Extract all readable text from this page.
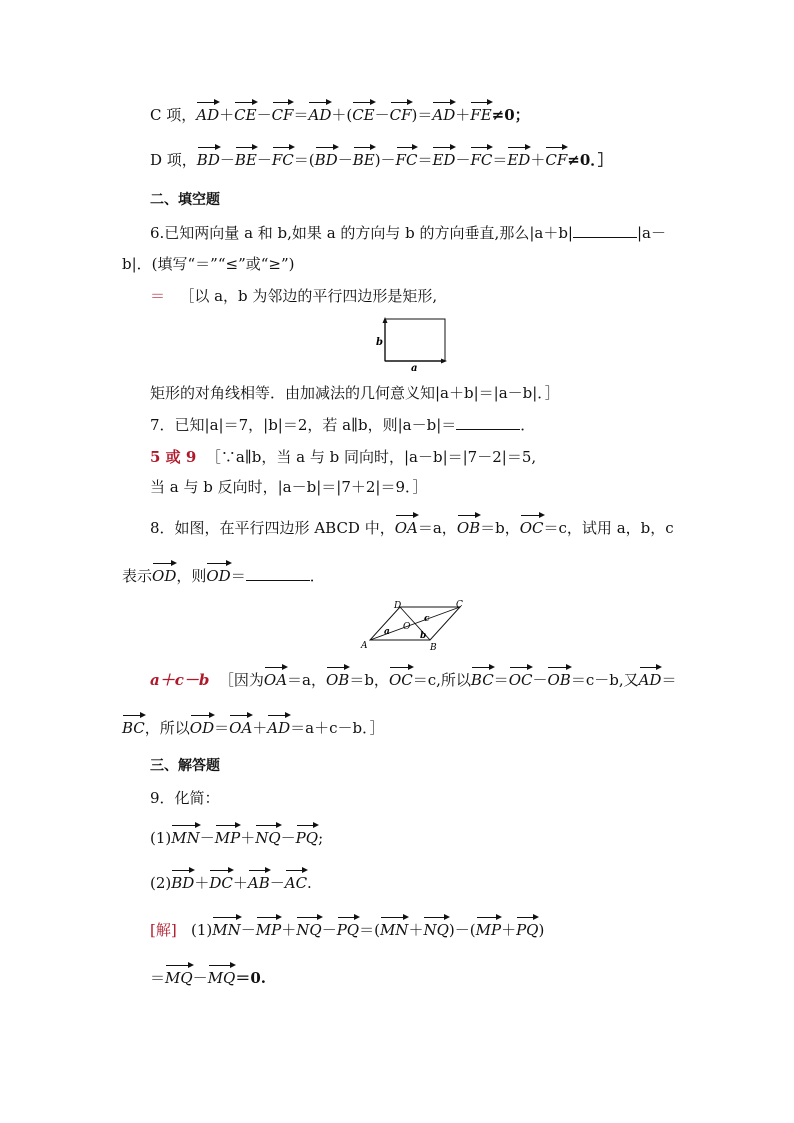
C 项，AD＋CE－CF＝AD＋(CE－CF)＝AD＋FE≠0；
D 项，BD－BE－FC＝(BD－BE)－FC＝ED－FC＝ED＋CF≠0．］
二、填空题
6.已知两向量 a 和 b,如果 a 的方向与 b 的方向垂直,那么|a＋b|	|a－
b|．(填写“＝”“≤”或“≥”)
＝ ［以 a，b 为邻边的平行四边形是矩形,
b
a
矩形的对角线相等．由加减法的几何意义知|a＋b|＝|a－b|．］
7．已知|a|＝7，|b|＝2，若 a∥b，则|a－b|＝	．
5 或 9 ［∵a∥b，当 a 与 b 同向时，|a－b|＝|7－2|＝5,
当 a 与 b 反向时，|a－b|＝|7＋2|＝9．］
8．如图，在平行四边形 ABCD 中，OA＝a，OB＝b，OC＝c，试用 a，b，c
表示OD，则OD＝	．
A	B
C
D
O
a	b
c
a＋c－b ［因为OA＝a，OB＝b，OC＝c,所以BC＝OC－OB＝c－b,又AD＝
BC，所以OD＝OA＋AD＝a＋c－b．］
三、解答题
9．化简：
(1)MN－MP＋NQ－PQ;
(2)BD＋DC＋AB－AC.
[解] (1)MN－MP＋NQ－PQ＝(MN＋NQ)－(MP＋PQ)
＝MQ－MQ＝0.
